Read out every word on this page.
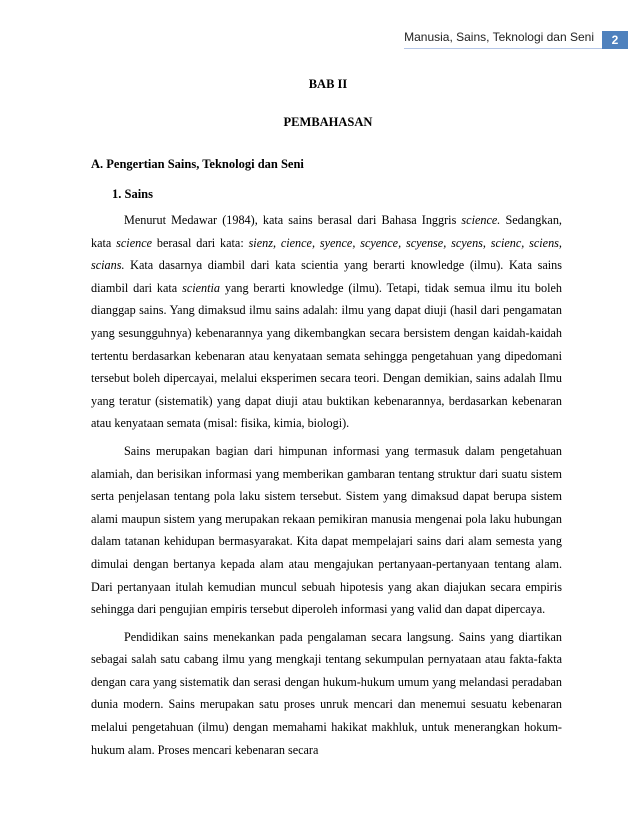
Manusia, Sains, Teknologi dan Seni	2
BAB II
PEMBAHASAN
A. Pengertian Sains, Teknologi dan Seni
1. Sains

Menurut Medawar (1984), kata sains berasal dari Bahasa Inggris science. Sedangkan, kata science berasal dari kata: sienz, cience, syence, scyence, scyense, scyens, scienc, sciens, scians. Kata dasarnya diambil dari kata scientia yang berarti knowledge (ilmu). Kata sains diambil dari kata scientia yang berarti knowledge (ilmu). Tetapi, tidak semua ilmu itu boleh dianggap sains. Yang dimaksud ilmu sains adalah: ilmu yang dapat diuji (hasil dari pengamatan yang sesungguhnya) kebenarannya yang dikembangkan secara bersistem dengan kaidah-kaidah tertentu berdasarkan kebenaran atau kenyataan semata sehingga pengetahuan yang dipedomani tersebut boleh dipercayai, melalui eksperimen secara teori. Dengan demikian, sains adalah Ilmu yang teratur (sistematik) yang dapat diuji atau buktikan kebenarannya, berdasarkan kebenaran atau kenyataan semata (misal: fisika, kimia, biologi).

Sains merupakan bagian dari himpunan informasi yang termasuk dalam pengetahuan alamiah, dan berisikan informasi yang memberikan gambaran tentang struktur dari suatu sistem serta penjelasan tentang pola laku sistem tersebut. Sistem yang dimaksud dapat berupa sistem alami maupun sistem yang merupakan rekaan pemikiran manusia mengenai pola laku hubungan dalam tatanan kehidupan bermasyarakat. Kita dapat mempelajari sains dari alam semesta yang dimulai dengan bertanya kepada alam atau mengajukan pertanyaan-pertanyaan tentang alam. Dari pertanyaan itulah kemudian muncul sebuah hipotesis yang akan diajukan secara empiris sehingga dari pengujian empiris tersebut diperoleh informasi yang valid dan dapat dipercaya.

Pendidikan sains menekankan pada pengalaman secara langsung. Sains yang diartikan sebagai salah satu cabang ilmu yang mengkaji tentang sekumpulan pernyataan atau fakta-fakta dengan cara yang sistematik dan serasi dengan hukum-hukum umum yang melandasi peradaban dunia modern. Sains merupakan satu proses unruk mencari dan menemui sesuatu kebenaran melalui pengetahuan (ilmu) dengan memahami hakikat makhluk, untuk menerangkan hokum-hukum alam. Proses mencari kebenaran secara
